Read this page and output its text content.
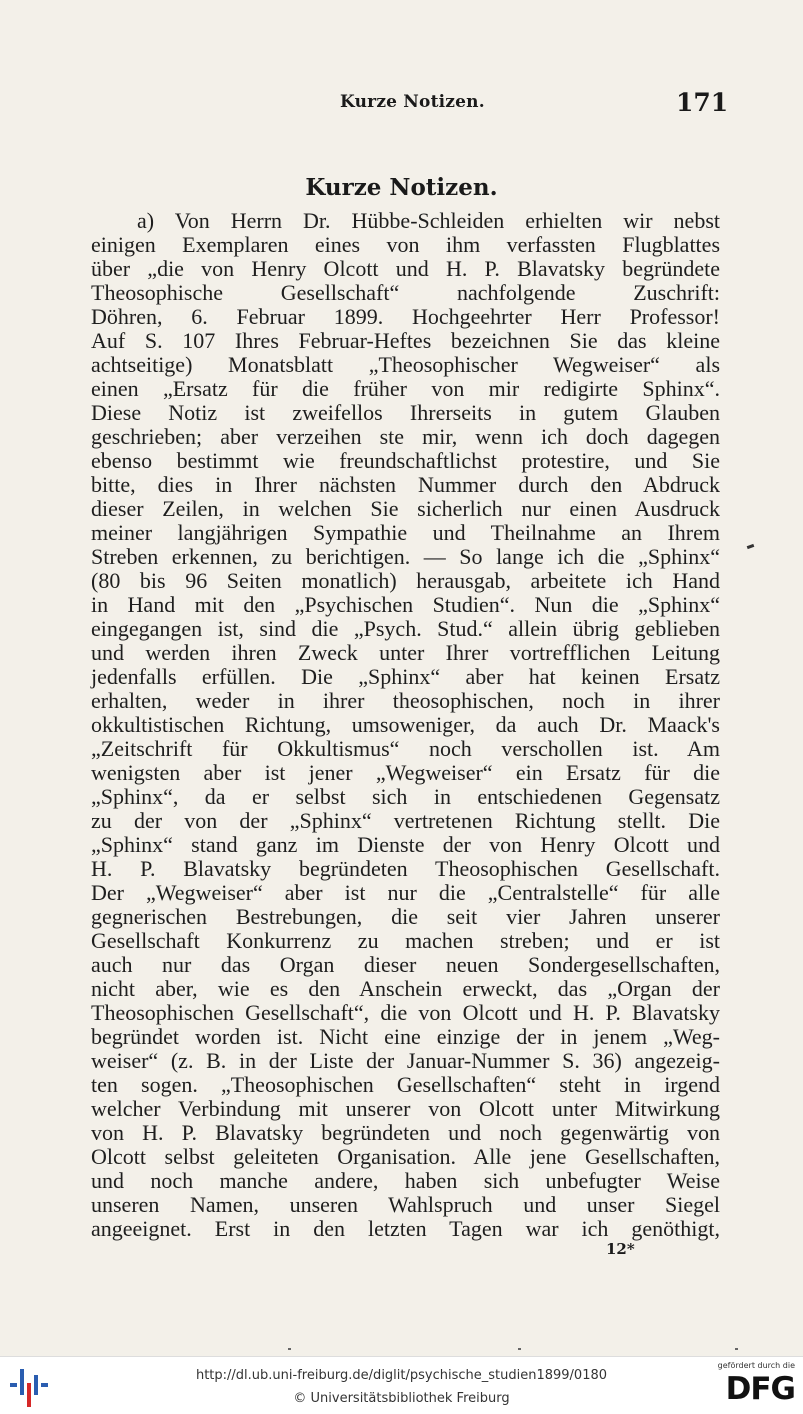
Kurze Notizen.	171
Kurze Notizen.
a) Von Herrn Dr. Hübbe-Schleiden erhielten wir nebst
einigen Exemplaren eines von ihm verfassten Flugblattes
über „die von Henry Olcott und H. P. Blavatsky begründete
Theosophische Gesellschaft“ nachfolgende Zuschrift:
Döhren, 6. Februar 1899. Hochgeehrter Herr Professor!
Auf S. 107 Ihres Februar-Heftes bezeichnen Sie das kleine
achtseitige) Monatsblatt „Theosophischer Wegweiser“ als
einen „Ersatz für die früher von mir redigirte Sphinx“.
Diese Notiz ist zweifellos Ihrerseits in gutem Glauben
geschrieben; aber verzeihen ste mir, wenn ich doch dagegen
ebenso bestimmt wie freundschaftlichst protestire, und Sie
bitte, dies in Ihrer nächsten Nummer durch den Abdruck
dieser Zeilen, in welchen Sie sicherlich nur einen Ausdruck
meiner langjährigen Sympathie und Theilnahme an Ihrem
Streben erkennen, zu berichtigen. — So lange ich die „Sphinx“
(80 bis 96 Seiten monatlich) herausgab, arbeitete ich Hand
in Hand mit den „Psychischen Studien“. Nun die „Sphinx“
eingegangen ist, sind die „Psych. Stud.“ allein übrig geblieben
und werden ihren Zweck unter Ihrer vortrefflichen Leitung
jedenfalls erfüllen. Die „Sphinx“ aber hat keinen Ersatz
erhalten, weder in ihrer theosophischen, noch in ihrer
okkultistischen Richtung, umsoweniger, da auch Dr. Maack's
„Zeitschrift für Okkultismus“ noch verschollen ist. Am
wenigsten aber ist jener „Wegweiser“ ein Ersatz für die
„Sphinx“, da er selbst sich in entschiedenen Gegensatz
zu der von der „Sphinx“ vertretenen Richtung stellt. Die
„Sphinx“ stand ganz im Dienste der von Henry Olcott und
H. P. Blavatsky begründeten Theosophischen Gesellschaft.
Der „Wegweiser“ aber ist nur die „Centralstelle“ für alle
gegnerischen Bestrebungen, die seit vier Jahren unserer
Gesellschaft Konkurrenz zu machen streben; und er ist
auch nur das Organ dieser neuen Sondergesellschaften,
nicht aber, wie es den Anschein erweckt, das „Organ der
Theosophischen Gesellschaft“, die von Olcott und H. P. Blavatsky
begründet worden ist. Nicht eine einzige der in jenem „Weg-
weiser“ (z. B. in der Liste der Januar-Nummer S. 36) angezeig-
ten sogen. „Theosophischen Gesellschaften“ steht in irgend
welcher Verbindung mit unserer von Olcott unter Mitwirkung
von H. P. Blavatsky begründeten und noch gegenwärtig von
Olcott selbst geleiteten Organisation. Alle jene Gesellschaften,
und noch manche andere, haben sich unbefugter Weise
unseren Namen, unseren Wahlspruch und unser Siegel
angeeignet. Erst in den letzten Tagen war ich genöthigt,
12*
http://dl.ub.uni-freiburg.de/diglit/psychische_studien1899/0180
© Universitätsbibliothek Freiburg
gefördert durch die
DFG
